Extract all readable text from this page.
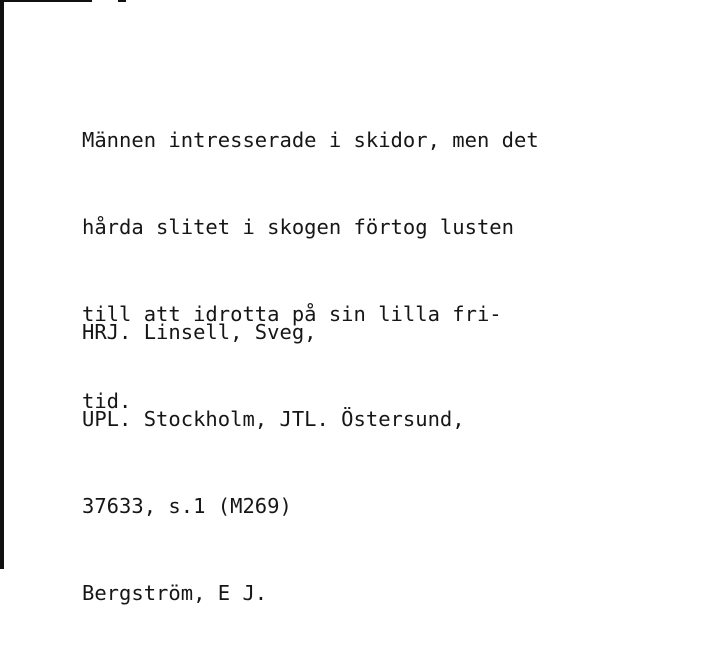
Männen intresserade i skidor, men det

hårda slitet i skogen förtog lusten

till att idrotta på sin lilla fri-

tid.

HRJ. Linsell, Sveg,

UPL. Stockholm, JTL. Östersund,

37633, s.1 (M269)

Bergström, E J.
